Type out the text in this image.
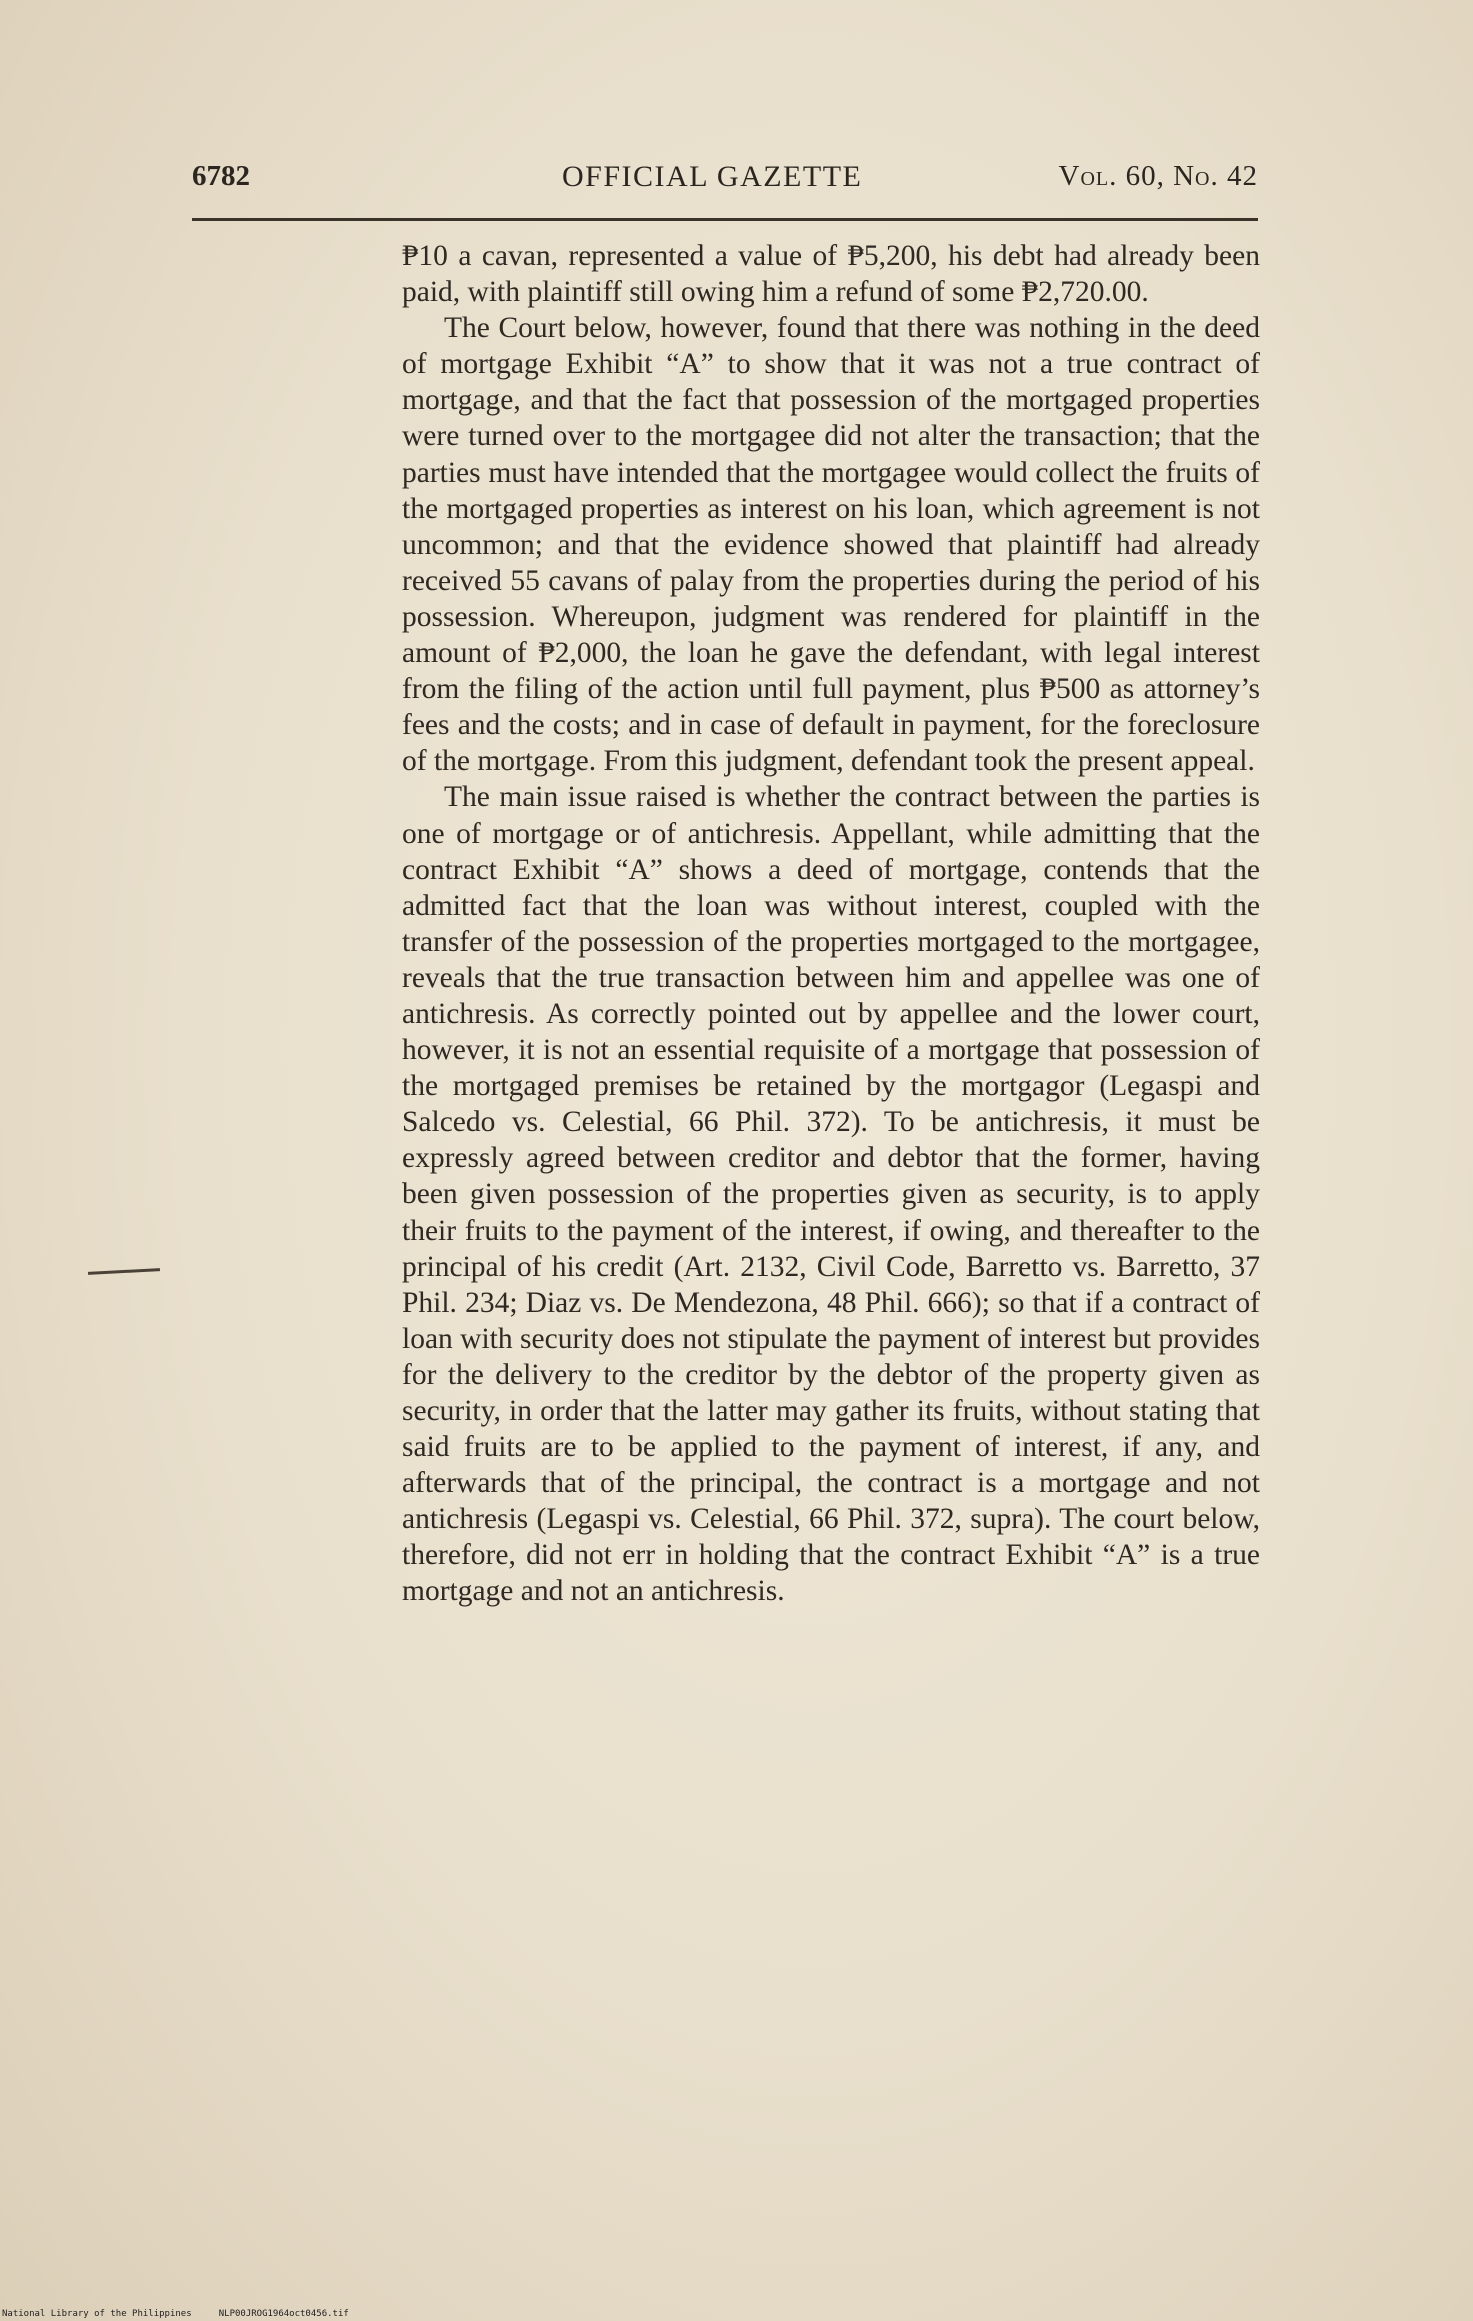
6782	OFFICIAL GAZETTE	Vol. 60, No. 42

₱10 a cavan, represented a value of ₱5,200, his debt had already been paid, with plaintiff still owing him a refund of some ₱2,720.00.

The Court below, however, found that there was nothing in the deed of mortgage Exhibit “A” to show that it was not a true contract of mortgage, and that the fact that possession of the mortgaged properties were turned over to the mortgagee did not alter the transaction; that the parties must have intended that the mortgagee would collect the fruits of the mortgaged properties as interest on his loan, which agreement is not uncommon; and that the evidence showed that plaintiff had already received 55 cavans of palay from the properties during the period of his possession. Whereupon, judgment was rendered for plaintiff in the amount of ₱2,000, the loan he gave the defendant, with legal interest from the filing of the action until full payment, plus ₱500 as attorney’s fees and the costs; and in case of default in payment, for the foreclosure of the mortgage. From this judgment, defendant took the present appeal.

The main issue raised is whether the contract between the parties is one of mortgage or of antichresis. Appellant, while admitting that the contract Exhibit “A” shows a deed of mortgage, contends that the admitted fact that the loan was without interest, coupled with the transfer of the possession of the properties mortgaged to the mortgagee, reveals that the true transaction between him and appellee was one of antichresis. As correctly pointed out by appellee and the lower court, however, it is not an essential requisite of a mortgage that possession of the mortgaged premises be retained by the mortgagor (Legaspi and Salcedo vs. Celestial, 66 Phil. 372). To be antichresis, it must be expressly agreed between creditor and debtor that the former, having been given possession of the properties given as security, is to apply their fruits to the payment of the interest, if owing, and thereafter to the principal of his credit (Art. 2132, Civil Code, Barretto vs. Barretto, 37 Phil. 234; Diaz vs. De Mendezona, 48 Phil. 666); so that if a contract of loan with security does not stipulate the payment of interest but provides for the delivery to the creditor by the debtor of the property given as security, in order that the latter may gather its fruits, without stating that said fruits are to be applied to the payment of interest, if any, and afterwards that of the principal, the contract is a mortgage and not antichresis (Legaspi vs. Celestial, 66 Phil. 372, supra). The court below, therefore, did not err in holding that the contract Exhibit “A” is a true mortgage and not an antichresis.

National Library of the Philippines     NLP00JROG1964oct0456.tif
